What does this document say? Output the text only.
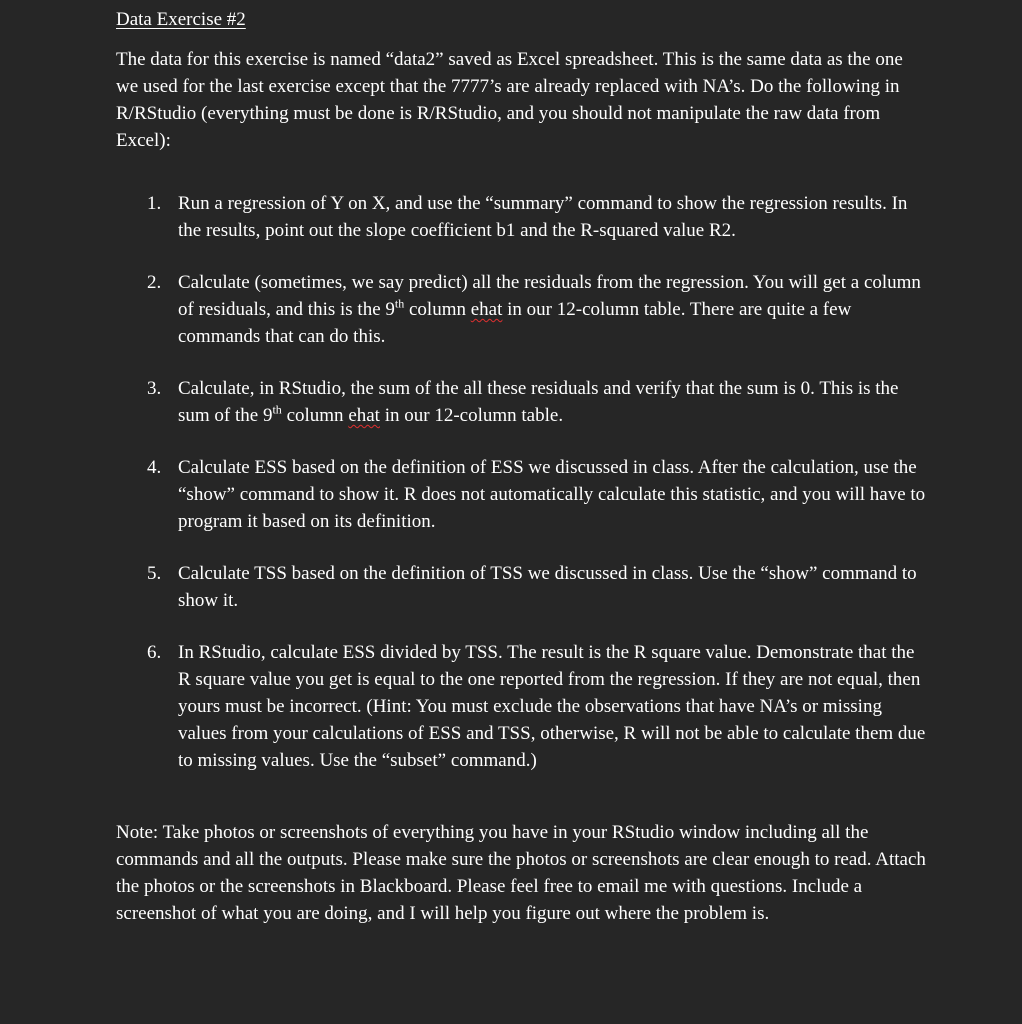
Data Exercise #2

The data for this exercise is named “data2” saved as Excel spreadsheet. This is the same data as the one we used for the last exercise except that the 7777’s are already replaced with NA’s. Do the following in R/RStudio (everything must be done is R/RStudio, and you should not manipulate the raw data from Excel):

1. Run a regression of Y on X, and use the “summary” command to show the regression results. In the results, point out the slope coefficient b1 and the R-squared value R2.
2. Calculate (sometimes, we say predict) all the residuals from the regression. You will get a column of residuals, and this is the 9th column ehat in our 12-column table. There are quite a few commands that can do this.
3. Calculate, in RStudio, the sum of the all these residuals and verify that the sum is 0. This is the sum of the 9th column ehat in our 12-column table.
4. Calculate ESS based on the definition of ESS we discussed in class. After the calculation, use the “show” command to show it. R does not automatically calculate this statistic, and you will have to program it based on its definition.
5. Calculate TSS based on the definition of TSS we discussed in class. Use the “show” command to show it.
6. In RStudio, calculate ESS divided by TSS. The result is the R square value. Demonstrate that the R square value you get is equal to the one reported from the regression. If they are not equal, then yours must be incorrect. (Hint: You must exclude the observations that have NA’s or missing values from your calculations of ESS and TSS, otherwise, R will not be able to calculate them due to missing values. Use the “subset” command.)

Note: Take photos or screenshots of everything you have in your RStudio window including all the commands and all the outputs. Please make sure the photos or screenshots are clear enough to read. Attach the photos or the screenshots in Blackboard. Please feel free to email me with questions. Include a screenshot of what you are doing, and I will help you figure out where the problem is.
